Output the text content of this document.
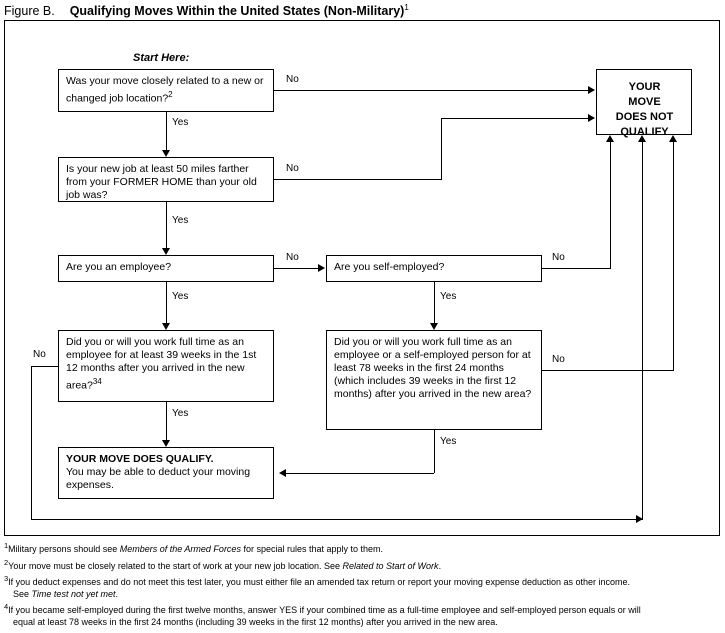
Figure B. Qualifying Moves Within the United States (Non-Military)$^1$
Start Here:
Was your move closely related to a new or changed job location?$^2$
Is your new job at least 50 miles farther from your FORMER HOME than your old job was?
Are you an employee?	Are you self-employed?
Did you or will you work full time as an employee for at least 39 weeks in the 1st 12 months after you arrived in the new area?$^{34}$
Did you or will you work full time as an employee or a self-employed person for at least 78 weeks in the first 24 months (which includes 39 weeks in the first 12 months) after you arrived in the new area?
YOUR MOVE DOES QUALIFY.
You may be able to deduct your moving expenses.
YOUR
MOVE
DOES NOT
QUALIFY
No
Yes
No
Yes
No
Yes
No
Yes
No
Yes
No
Yes
$^1$Military persons should see Members of the Armed Forces for special rules that apply to them.
$^2$Your move must be closely related to the start of work at your new job location. See Related to Start of Work.
$^3$If you deduct expenses and do not meet this test later, you must either file an amended tax return or report your moving expense deduction as other income.
See Time test not yet met.
$^4$If you became self-employed during the first twelve months, answer YES if your combined time as a full-time employee and self-employed person equals or will
equal at least 78 weeks in the first 24 months (including 39 weeks in the first 12 months) after you arrived in the new area.
